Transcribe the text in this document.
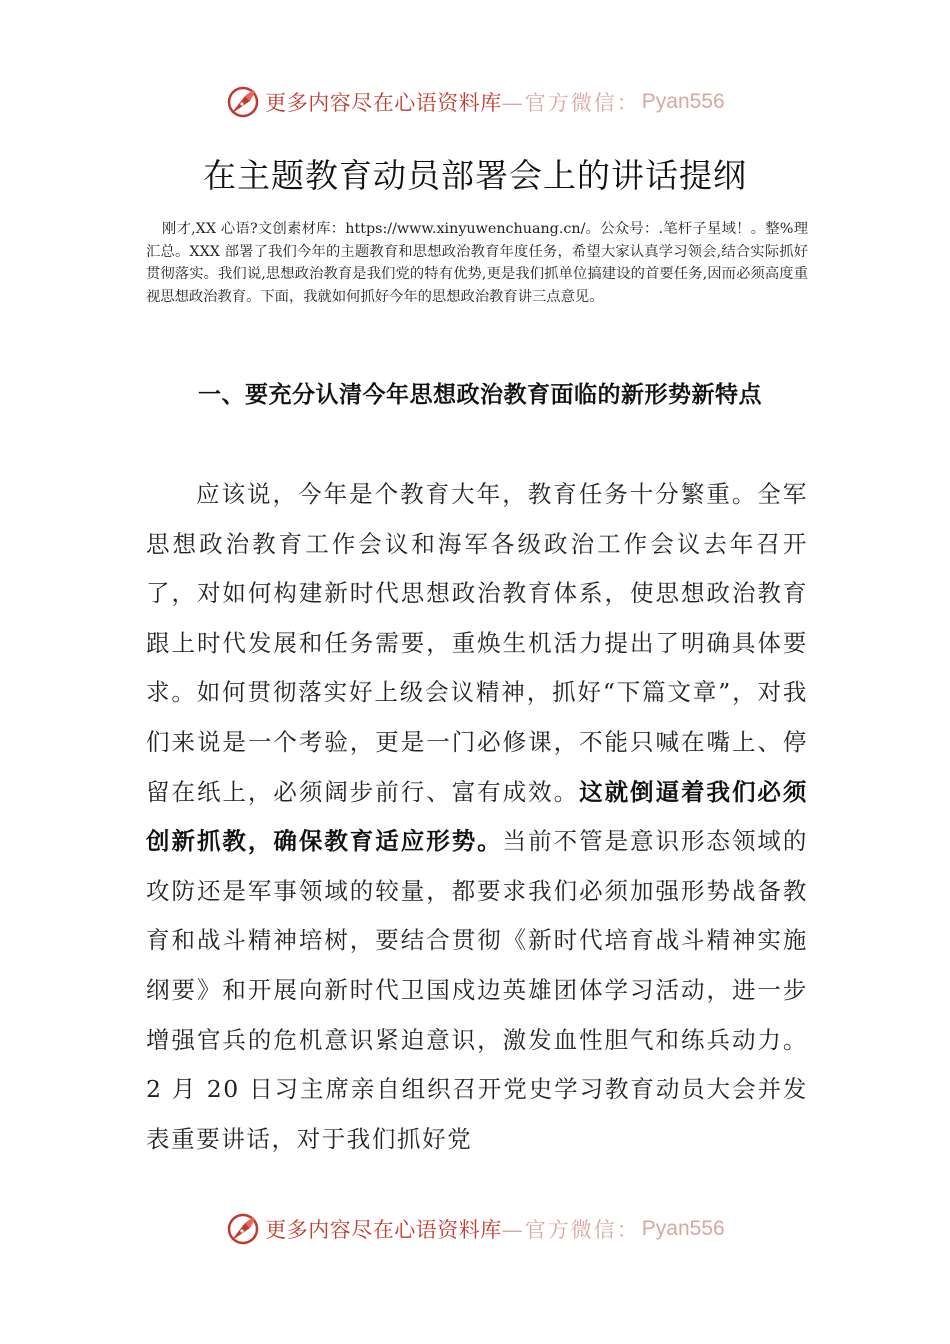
更多内容尽在心语资料库 —官方微信： Pyan556
在主题教育动员部署会上的讲话提纲
刚才,XX 心语?文创素材库：https://www.xinyuwenchuang.cn/。公众号：.笔杆子星域！。整%理汇总。XXX 部署了我们今年的主题教育和思想政治教育年度任务，希望大家认真学习领会,结合实际抓好贯彻落实。我们说,思想政治教育是我们党的特有优势,更是我们抓单位搞建设的首要任务,因而必须高度重视思想政治教育。下面，我就如何抓好今年的思想政治教育讲三点意见。
一、要充分认清今年思想政治教育面临的新形势新特点
应该说，今年是个教育大年，教育任务十分繁重。全军思想政治教育工作会议和海军各级政治工作会议去年召开了，对如何构建新时代思想政治教育体系，使思想政治教育跟上时代发展和任务需要，重焕生机活力提出了明确具体要求。如何贯彻落实好上级会议精神，抓好“下篇文章”，对我们来说是一个考验，更是一门必修课，不能只喊在嘴上、停留在纸上，必须阔步前行、富有成效。这就倒逼着我们必须创新抓教，确保教育适应形势。当前不管是意识形态领域的攻防还是军事领域的较量，都要求我们必须加强形势战备教育和战斗精神培树，要结合贯彻《新时代培育战斗精神实施纲要》和开展向新时代卫国戍边英雄团体学习活动，进一步增强官兵的危机意识紧迫意识，激发血性胆气和练兵动力。2 月 20 日习主席亲自组织召开党史学习教育动员大会并发表重要讲话，对于我们抓好党
更多内容尽在心语资料库 —官方微信： Pyan556
